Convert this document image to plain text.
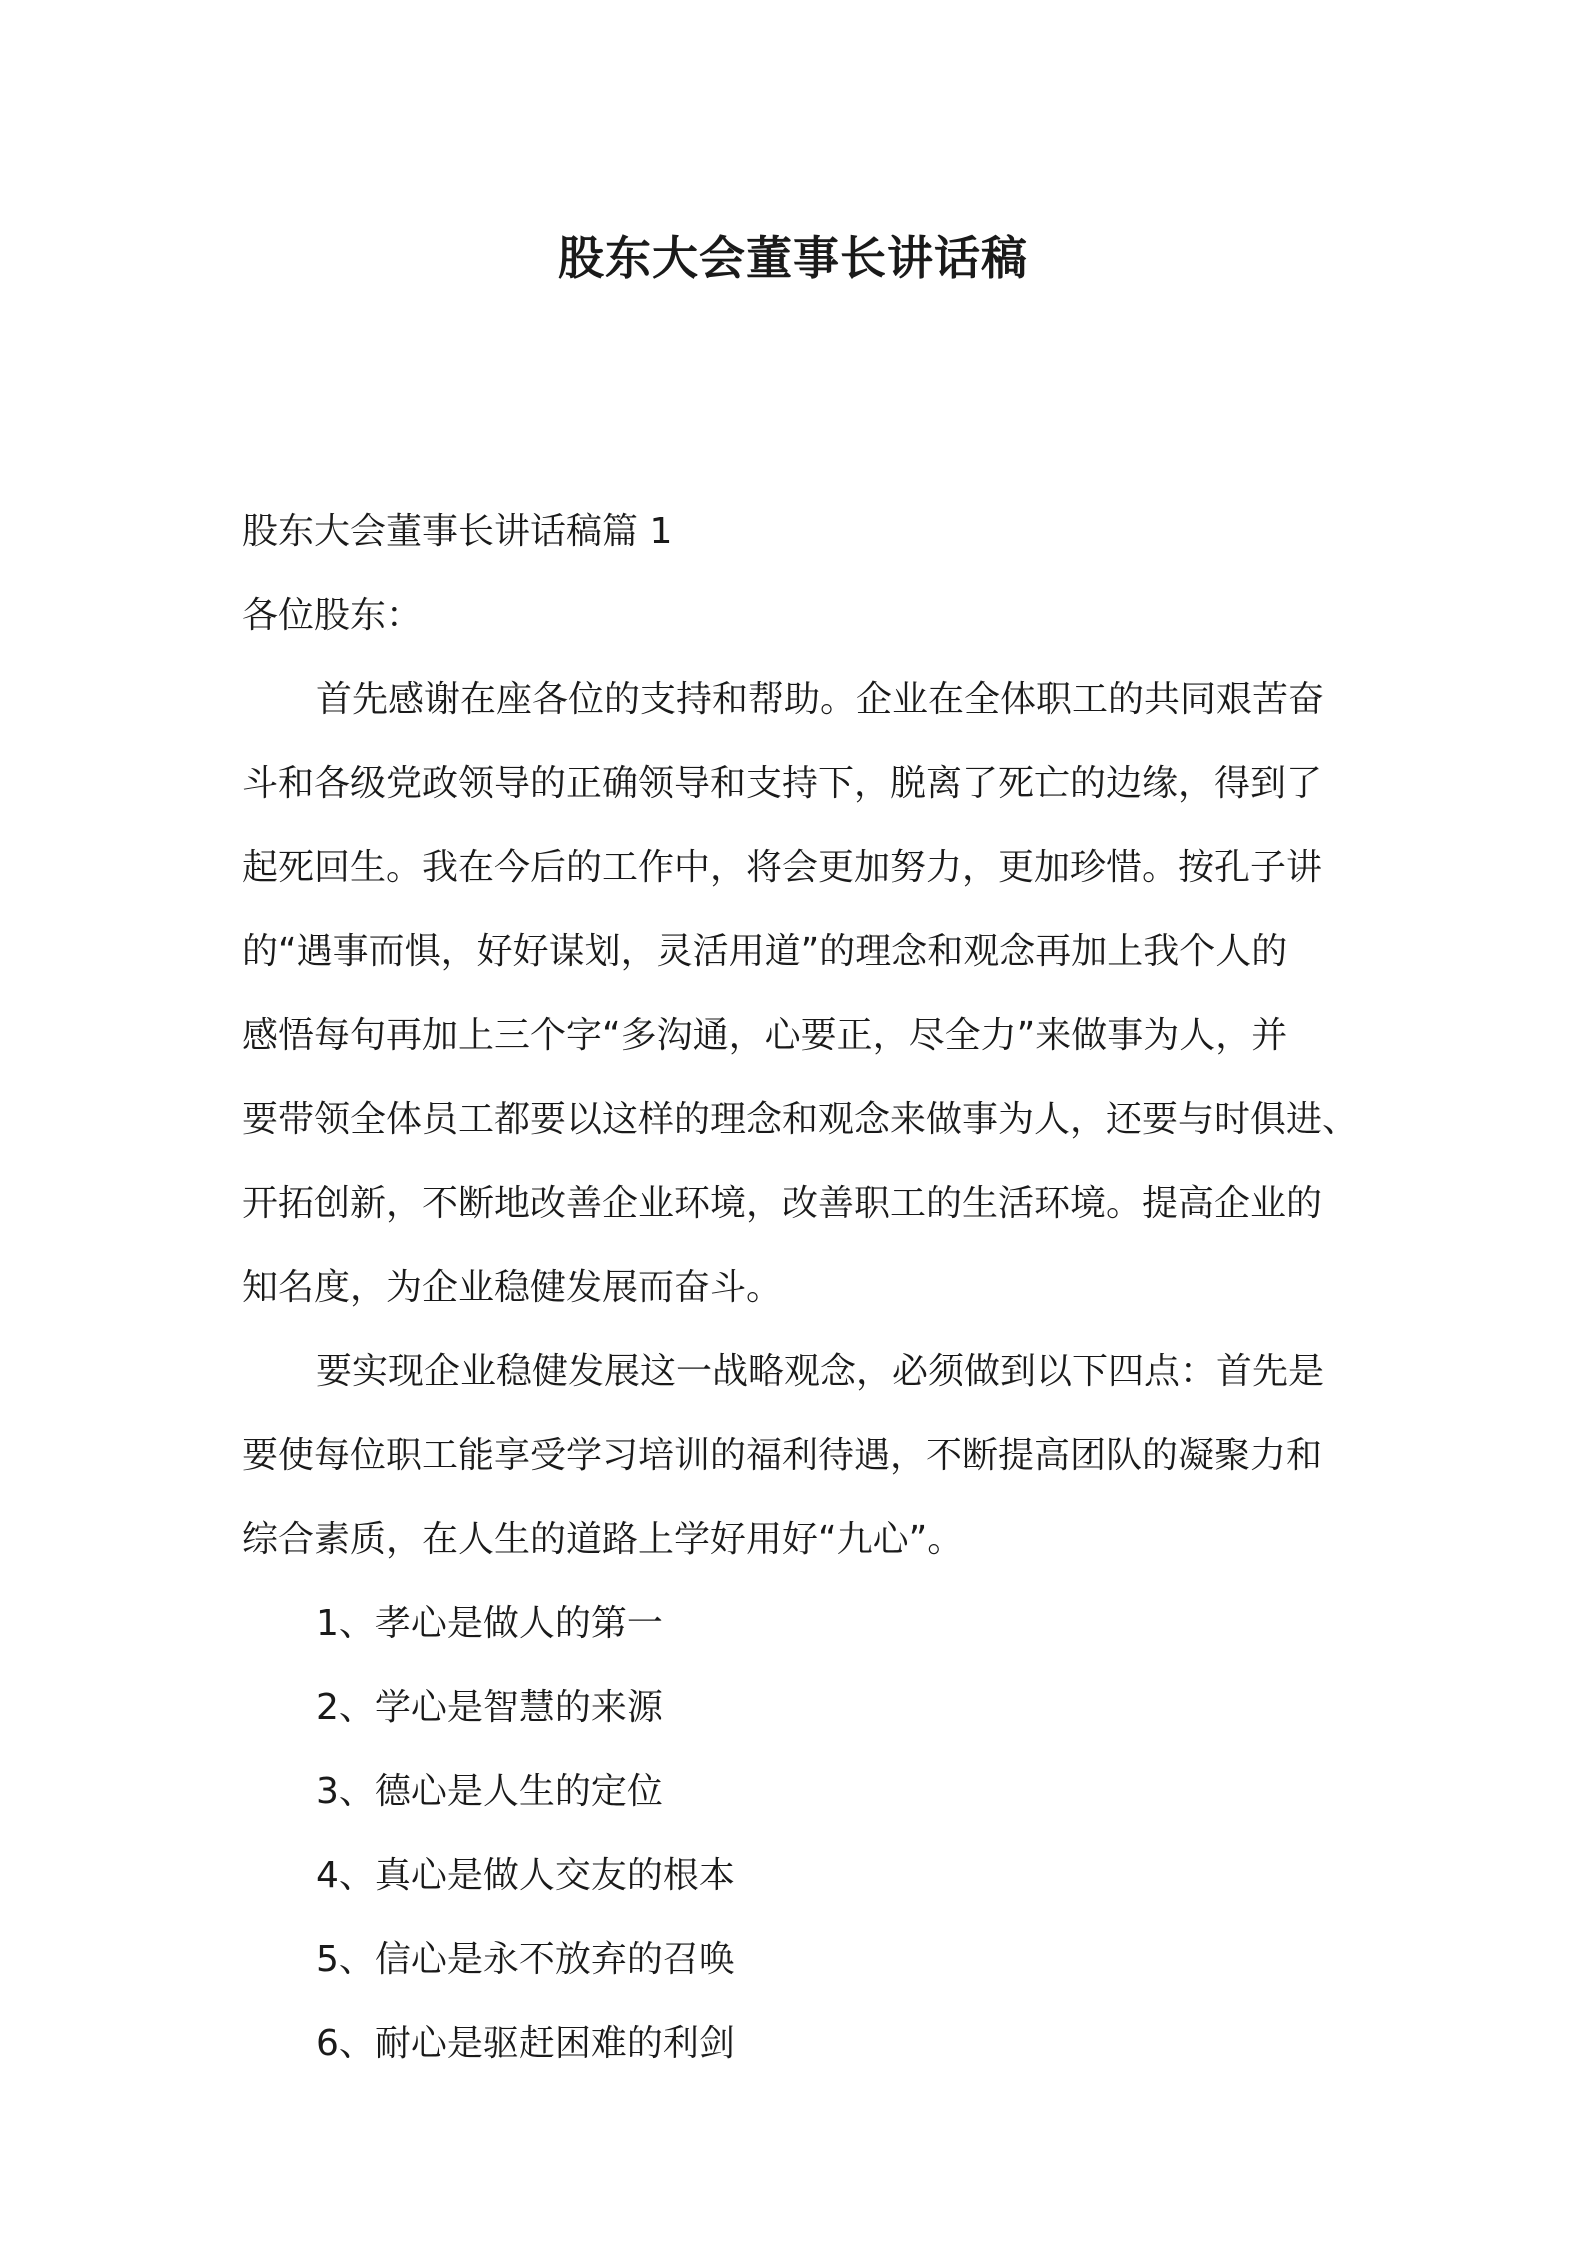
股东大会董事长讲话稿
股东大会董事长讲话稿篇 1
各位股东：
首先感谢在座各位的支持和帮助。企业在全体职工的共同艰苦奋
斗和各级党政领导的正确领导和支持下，脱离了死亡的边缘，得到了
起死回生。我在今后的工作中，将会更加努力，更加珍惜。按孔子讲
的“遇事而惧，好好谋划，灵活用道”的理念和观念再加上我个人的
感悟每句再加上三个字“多沟通，心要正，尽全力”来做事为人，并
要带领全体员工都要以这样的理念和观念来做事为人，还要与时俱进、
开拓创新，不断地改善企业环境，改善职工的生活环境。提高企业的
知名度，为企业稳健发展而奋斗。
要实现企业稳健发展这一战略观念，必须做到以下四点：首先是
要使每位职工能享受学习培训的福利待遇，不断提高团队的凝聚力和
综合素质，在人生的道路上学好用好“九心”。
1、孝心是做人的第一
2、学心是智慧的来源
3、德心是人生的定位
4、真心是做人交友的根本
5、信心是永不放弃的召唤
6、耐心是驱赶困难的利剑
